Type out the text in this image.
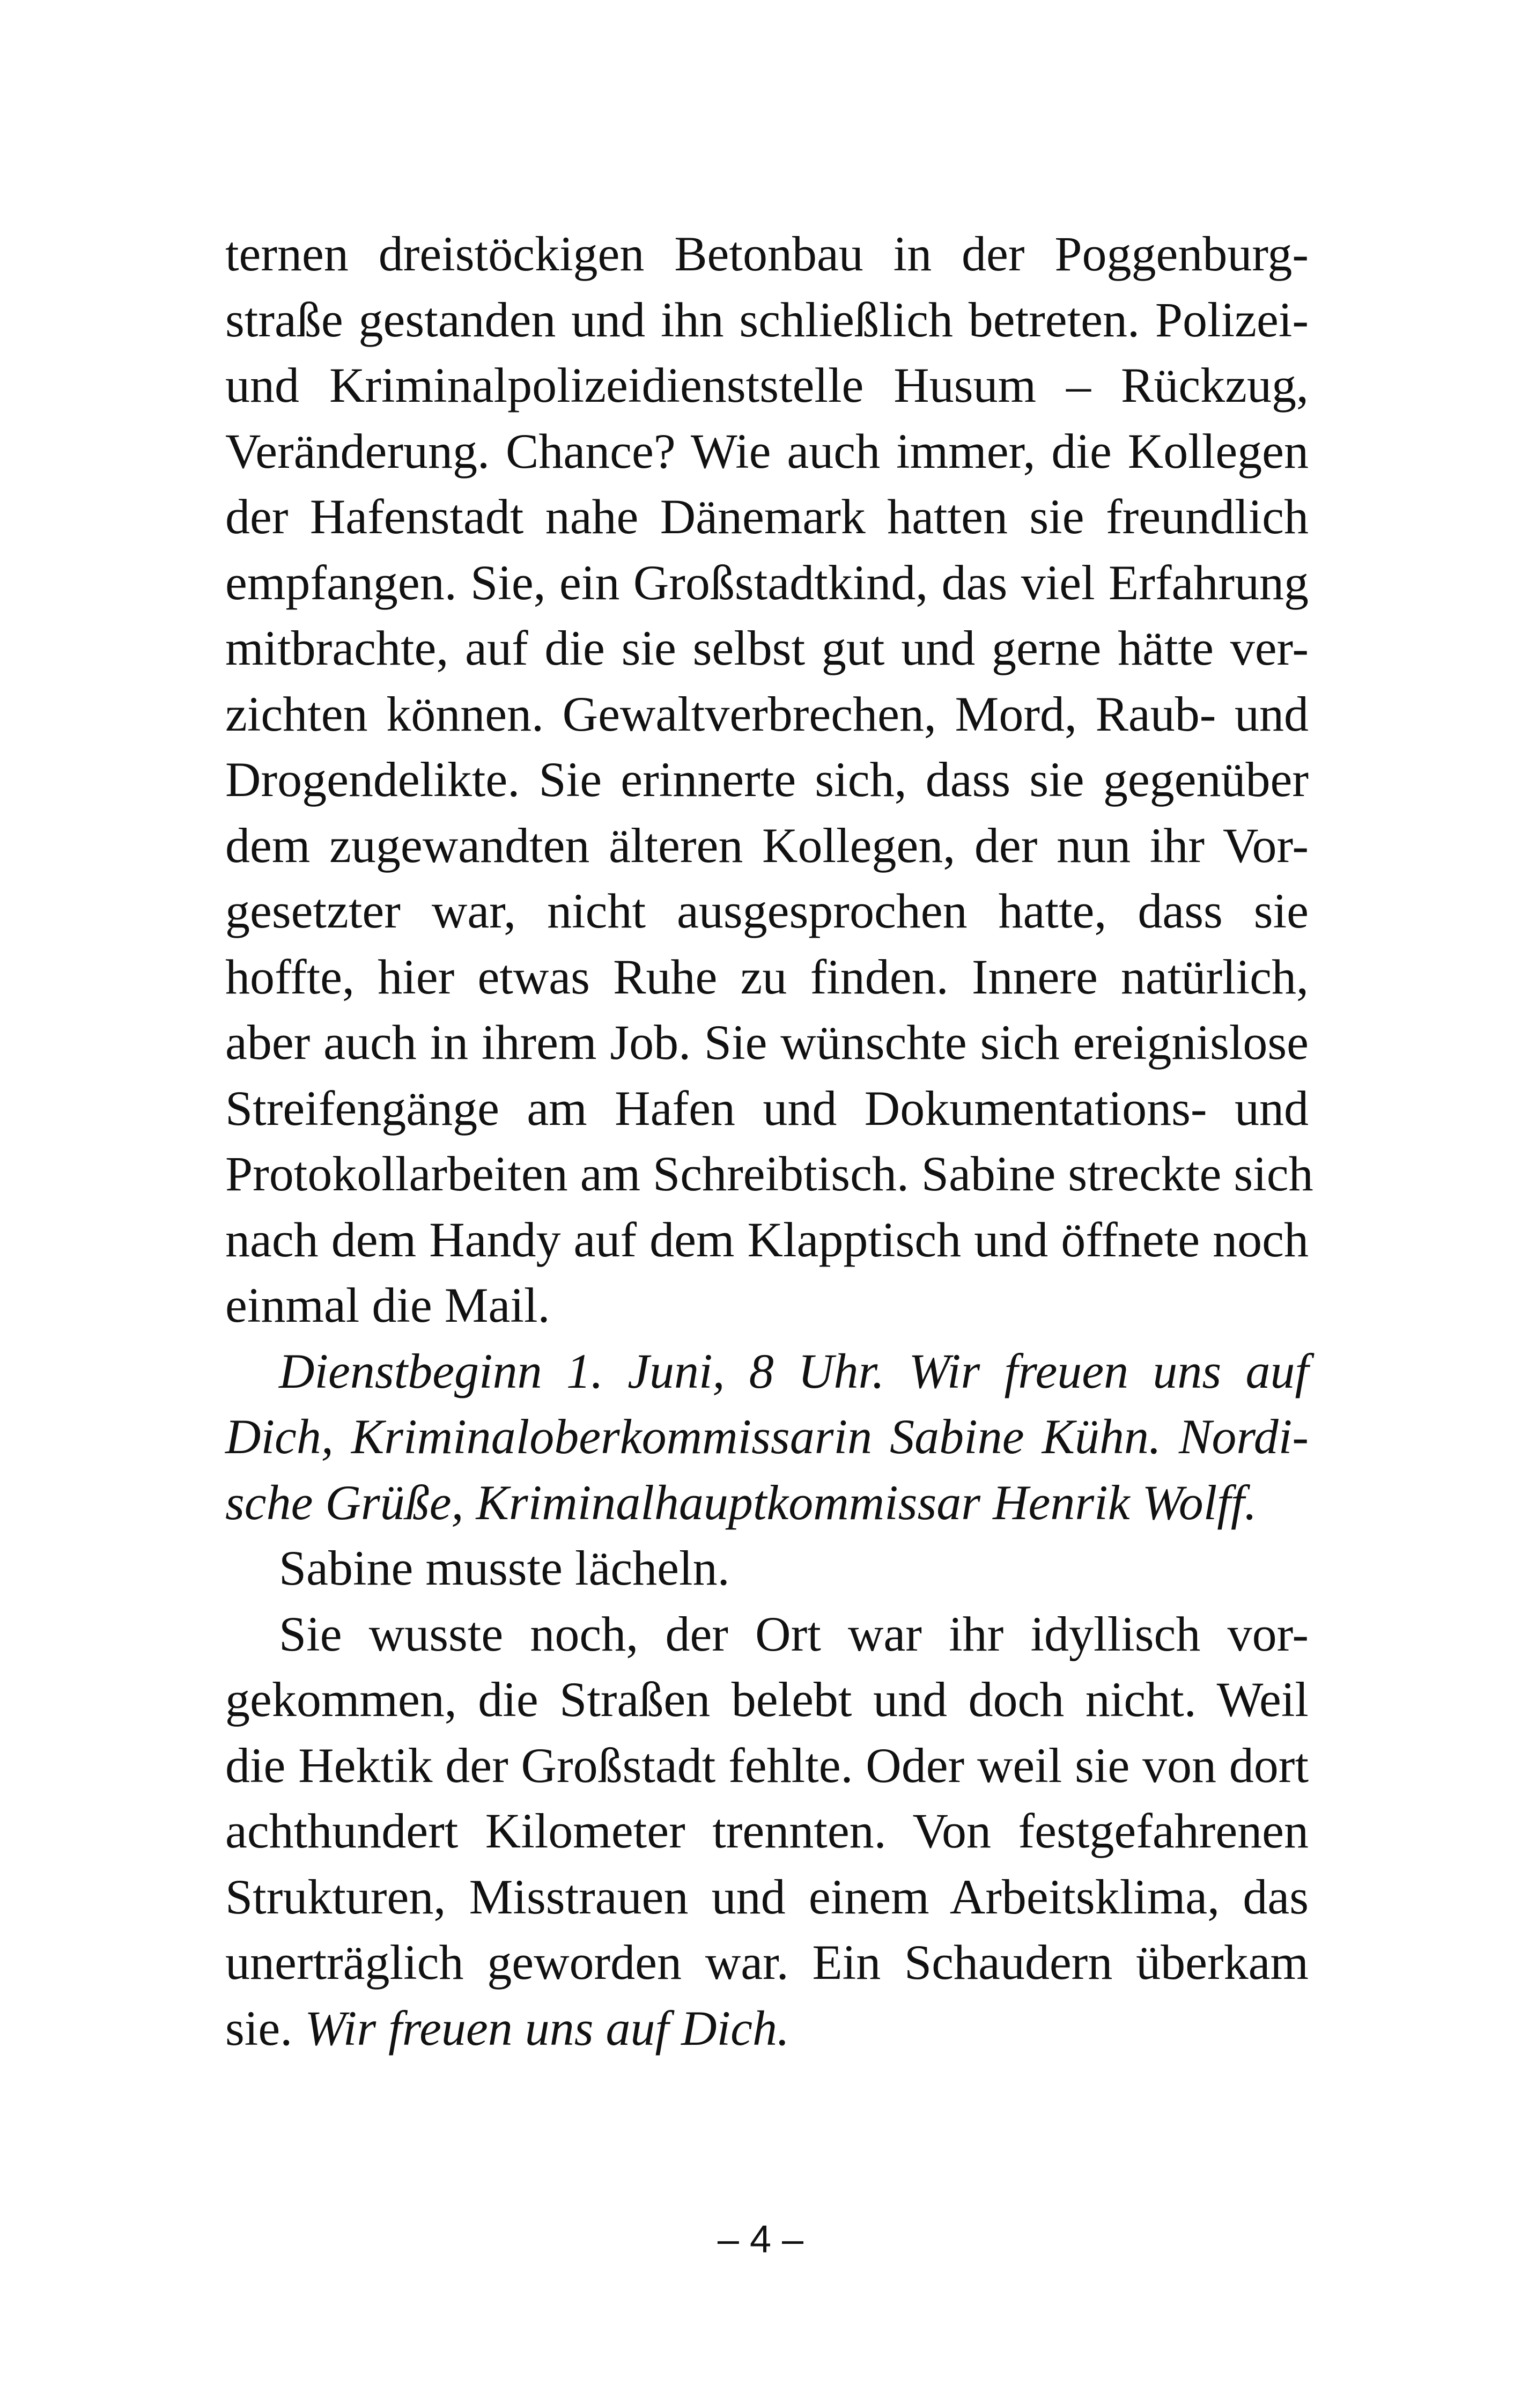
ternen dreistöckigen Betonbau in der Poggenburg-
straße gestanden und ihn schließlich betreten. Polizei-
und Kriminalpolizeidienststelle Husum – Rückzug,
Veränderung. Chance? Wie auch immer, die Kollegen
der Hafenstadt nahe Dänemark hatten sie freundlich
empfangen. Sie, ein Großstadtkind, das viel Erfahrung
mitbrachte, auf die sie selbst gut und gerne hätte ver-
zichten können. Gewaltverbrechen, Mord, Raub- und
Drogendelikte. Sie erinnerte sich, dass sie gegenüber
dem zugewandten älteren Kollegen, der nun ihr Vor-
gesetzter war, nicht ausgesprochen hatte, dass sie
hoffte, hier etwas Ruhe zu finden. Innere natürlich,
aber auch in ihrem Job. Sie wünschte sich ereignislose
Streifengänge am Hafen und Dokumentations- und
Protokollarbeiten am Schreibtisch. Sabine streckte sich
nach dem Handy auf dem Klapptisch und öffnete noch
einmal die Mail.
Dienstbeginn 1. Juni, 8 Uhr. Wir freuen uns auf
Dich, Kriminaloberkommissarin Sabine Kühn. Nordi-
sche Grüße, Kriminalhauptkommissar Henrik Wolff.
Sabine musste lächeln.
Sie wusste noch, der Ort war ihr idyllisch vor-
gekommen, die Straßen belebt und doch nicht. Weil
die Hektik der Großstadt fehlte. Oder weil sie von dort
achthundert Kilometer trennten. Von festgefahrenen
Strukturen, Misstrauen und einem Arbeitsklima, das
unerträglich geworden war. Ein Schaudern überkam
sie. Wir freuen uns auf Dich.
– 4 –
